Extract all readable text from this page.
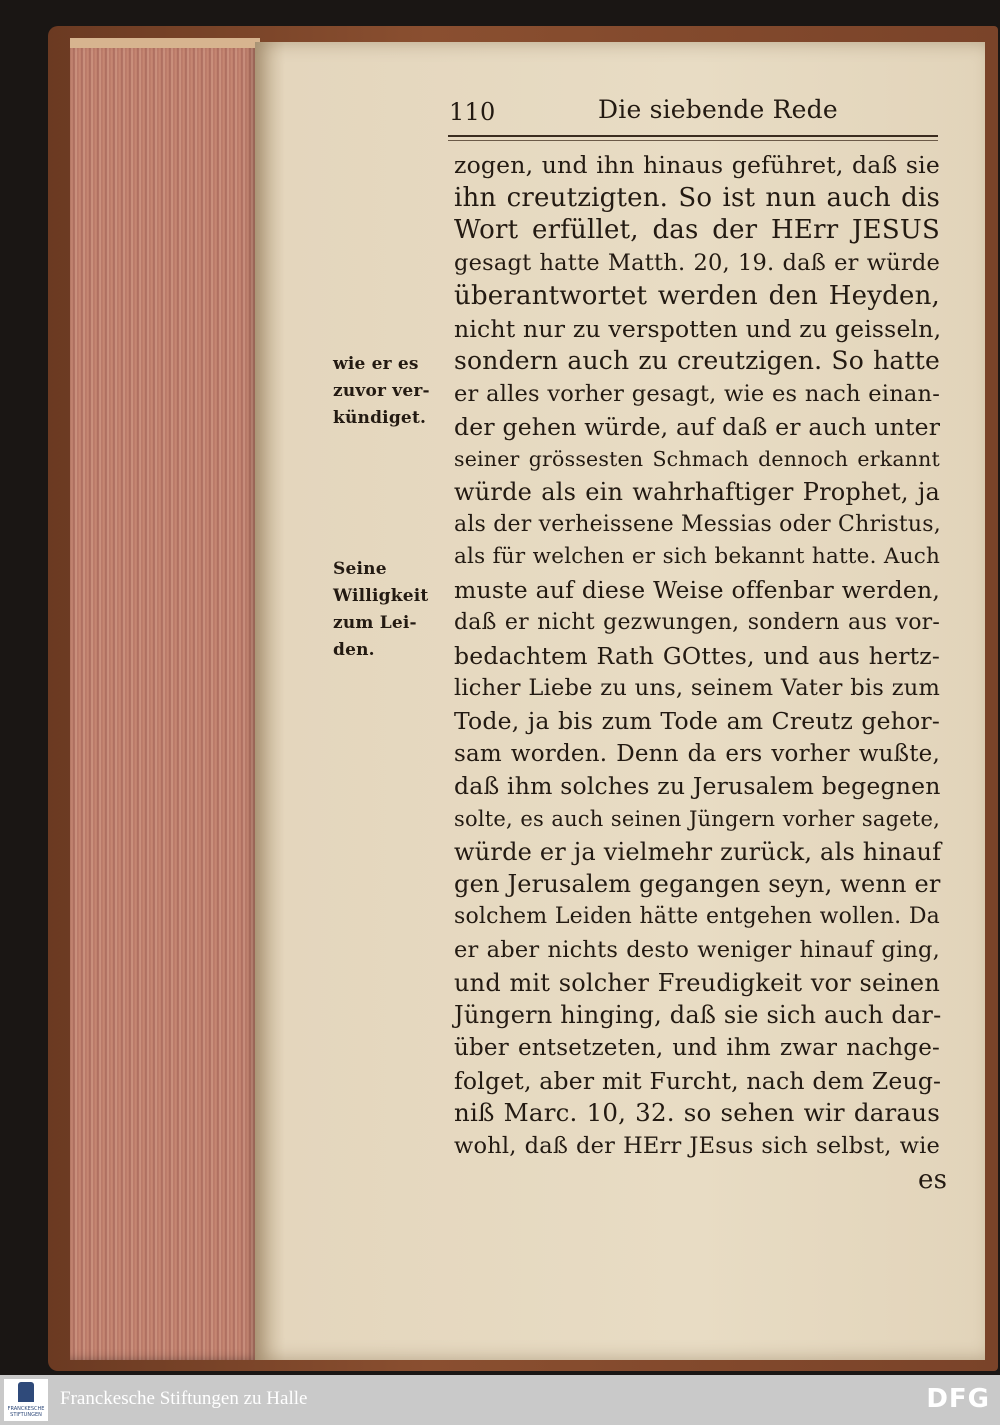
110	Die siebende Rede
zogen, und ihn hinaus geführet, daß sie
ihn creutzigten. So ist nun auch dis
Wort erfüllet, das der HErr JESUS
gesagt hatte Matth. 20, 19. daß er würde
überantwortet werden den Heyden,
nicht nur zu verspotten und zu geisseln,
sondern auch zu creutzigen. So hatte
er alles vorher gesagt, wie es nach einan-
der gehen würde, auf daß er auch unter
seiner grössesten Schmach dennoch erkannt
würde als ein wahrhaftiger Prophet, ja
als der verheissene Messias oder Christus,
als für welchen er sich bekannt hatte. Auch
muste auf diese Weise offenbar werden,
daß er nicht gezwungen, sondern aus vor-
bedachtem Rath GOttes, und aus hertz-
licher Liebe zu uns, seinem Vater bis zum
Tode, ja bis zum Tode am Creutz gehor-
sam worden. Denn da ers vorher wußte,
daß ihm solches zu Jerusalem begegnen
solte, es auch seinen Jüngern vorher sagete,
würde er ja vielmehr zurück, als hinauf
gen Jerusalem gegangen seyn, wenn er
solchem Leiden hätte entgehen wollen. Da
er aber nichts desto weniger hinauf ging,
und mit solcher Freudigkeit vor seinen
Jüngern hinging, daß sie sich auch dar-
über entsetzeten, und ihm zwar nachge-
folget, aber mit Furcht, nach dem Zeug-
niß Marc. 10, 32. so sehen wir daraus
wohl, daß der HErr JEsus sich selbst, wie
wie er es
zuvor ver-
kündiget.
Seine
Willigkeit
zum Lei-
den.
es
FRANCKESCHE STIFTUNGEN
Franckesche Stiftungen zu Halle	DFG
